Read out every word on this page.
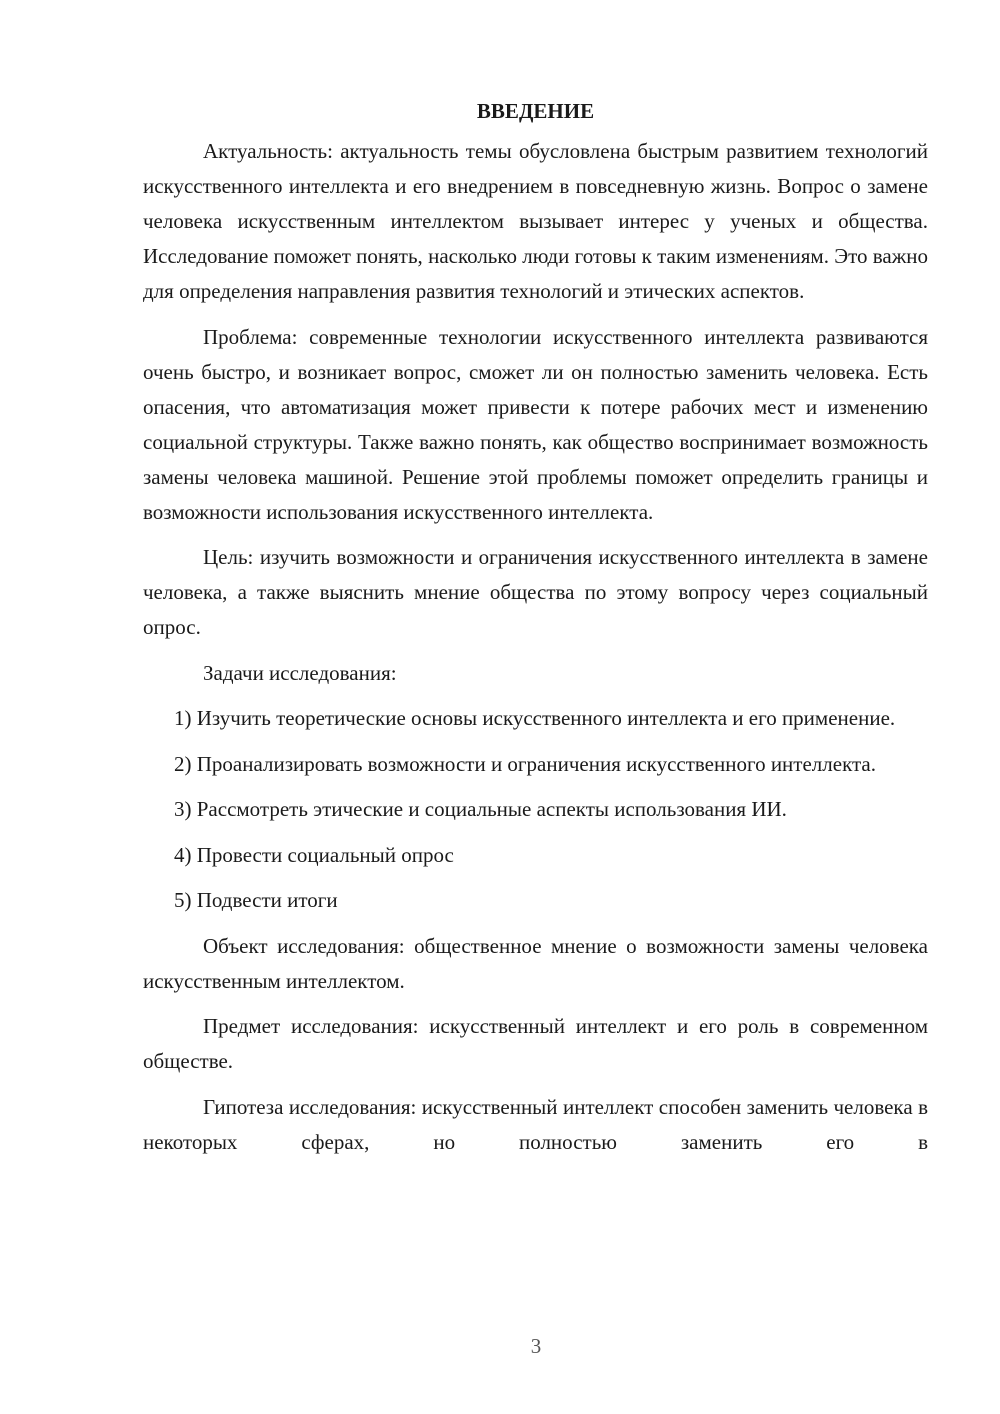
ВВЕДЕНИЕ

Актуальность: актуальность темы обусловлена быстрым развитием технологий искусственного интеллекта и его внедрением в повседневную жизнь. Вопрос о замене человека искусственным интеллектом вызывает интерес у ученых и общества. Исследование поможет понять, насколько люди готовы к таким изменениям. Это важно для определения направления развития технологий и этических аспектов.

Проблема: современные технологии искусственного интеллекта развиваются очень быстро, и возникает вопрос, сможет ли он полностью заменить человека. Есть опасения, что автоматизация может привести к потере рабочих мест и изменению социальной структуры. Также важно понять, как общество воспринимает возможность замены человека машиной. Решение этой проблемы поможет определить границы и возможности использования искусственного интеллекта.

Цель: изучить возможности и ограничения искусственного интеллекта в замене человека, а также выяснить мнение общества по этому вопросу через социальный опрос.

Задачи исследования:

1) Изучить теоретические основы искусственного интеллекта и его применение.

2) Проанализировать возможности и ограничения искусственного интеллекта.

3) Рассмотреть этические и социальные аспекты использования ИИ.

4) Провести социальный опрос

5) Подвести итоги

Объект исследования: общественное мнение о возможности замены человека искусственным интеллектом.

Предмет исследования: искусственный интеллект и его роль в современном обществе.

Гипотеза исследования: искусственный интеллект способен заменить человека в некоторых сферах, но полностью заменить его в

3
